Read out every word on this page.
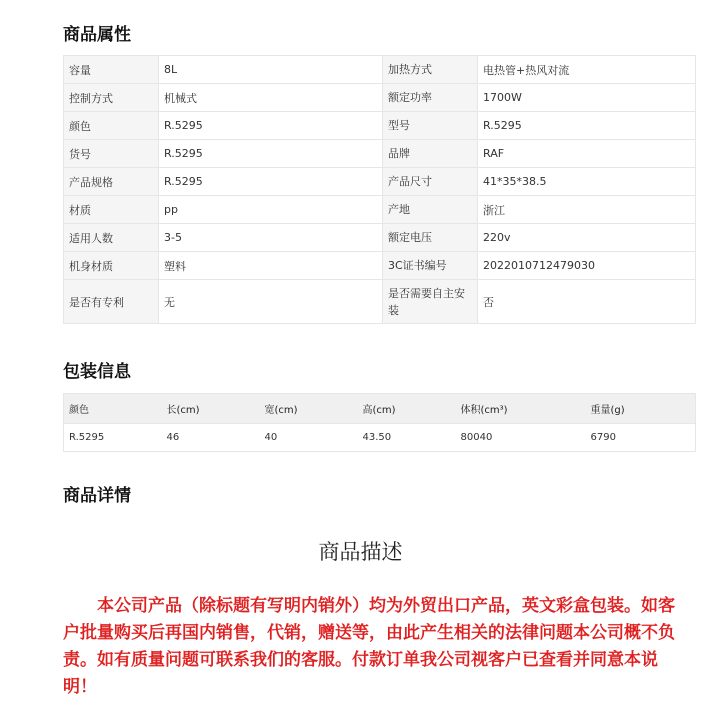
商品属性
容量	8L	加热方式	电热管+热风对流
控制方式	机械式	额定功率	1700W
颜色	R.5295	型号	R.5295
货号	R.5295	品牌	RAF
产品规格	R.5295	产品尺寸	41*35*38.5
材质	pp	产地	浙江
适用人数	3-5	额定电压	220v
机身材质	塑料	3C证书编号	2022010712479030
是否有专利	无	是否需要自主安装	否
包装信息
颜色	长(cm)	宽(cm)	高(cm)	体积(cm³)	重量(g)
R.5295	46	40	43.50	80040	6790
商品详情
商品描述

本公司产品（除标题有写明内销外）均为外贸出口产品，英文彩盒包装。如客户批量购买后再国内销售，代销，赠送等，由此产生相关的法律问题本公司概不负责。如有质量问题可联系我们的客服。付款订单我公司视客户已查看并同意本说明！
